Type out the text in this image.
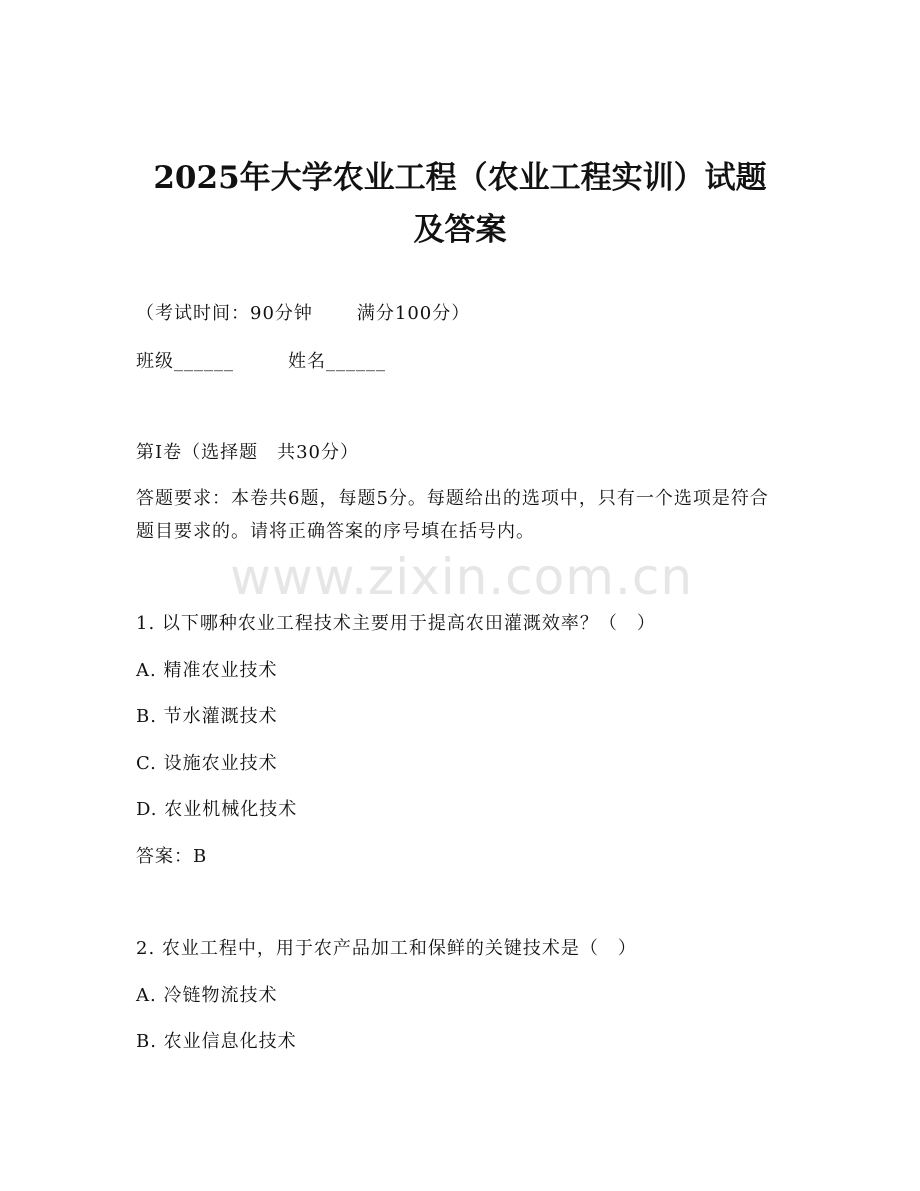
2025年大学农业工程（农业工程实训）试题
及答案
（考试时间：90分钟 满分100分）
班级______	姓名______
第I卷（选择题　共30分）
答题要求：本卷共6题，每题5分。每题给出的选项中，只有一个选项是符合题目要求的。请将正确答案的序号填在括号内。
www.zixin.com.cn
1. 以下哪种农业工程技术主要用于提高农田灌溉效率？（　）
A. 精准农业技术
B. 节水灌溉技术
C. 设施农业技术
D. 农业机械化技术
答案：B
2. 农业工程中，用于农产品加工和保鲜的关键技术是（　）
A. 冷链物流技术
B. 农业信息化技术
